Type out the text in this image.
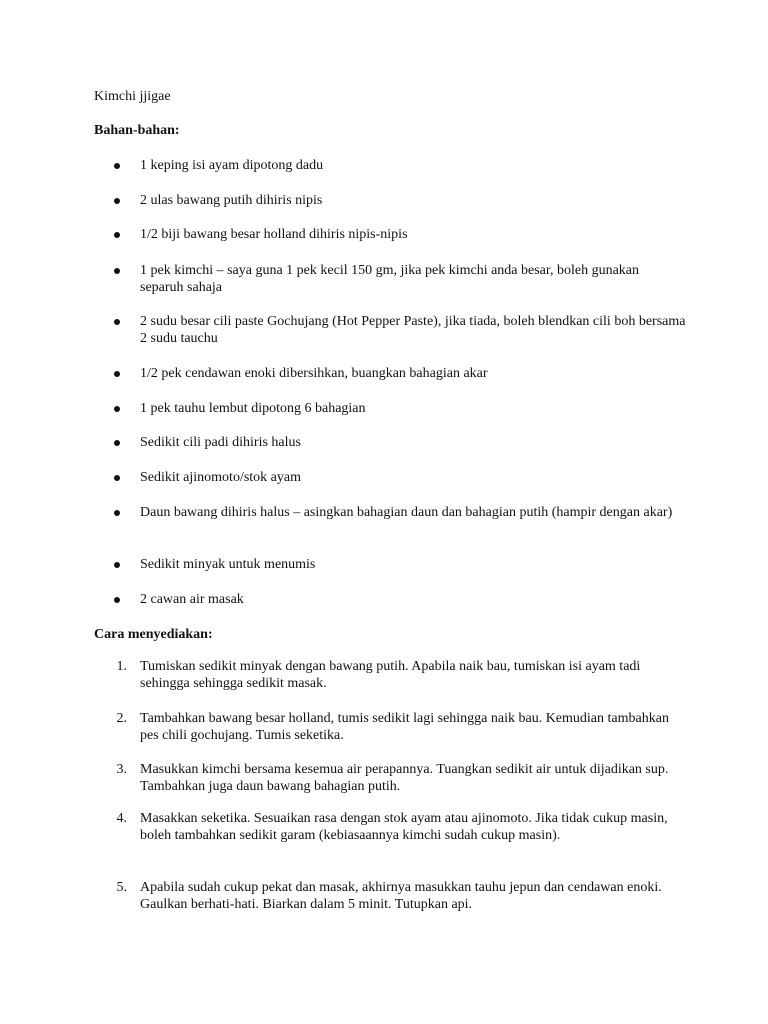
Kimchi jjigae

Bahan-bahan:

1 keping isi ayam dipotong dadu

2 ulas bawang putih dihiris nipis

1/2 biji bawang besar holland dihiris nipis-nipis

1 pek kimchi – saya guna 1 pek kecil 150 gm, jika pek kimchi anda besar, boleh gunakan separuh sahaja

2 sudu besar cili paste Gochujang (Hot Pepper Paste), jika tiada, boleh blendkan cili boh bersama 2 sudu tauchu

1/2 pek cendawan enoki dibersihkan, buangkan bahagian akar

1 pek tauhu lembut dipotong 6 bahagian

Sedikit cili padi dihiris halus

Sedikit ajinomoto/stok ayam

Daun bawang dihiris halus – asingkan bahagian daun dan bahagian putih (hampir dengan akar)

Sedikit minyak untuk menumis

2 cawan air masak

Cara menyediakan:

1. Tumiskan sedikit minyak dengan bawang putih. Apabila naik bau, tumiskan isi ayam tadi sehingga sehingga sedikit masak.

2. Tambahkan bawang besar holland, tumis sedikit lagi sehingga naik bau. Kemudian tambahkan pes chili gochujang. Tumis seketika.

3. Masukkan kimchi bersama kesemua air perapannya. Tuangkan sedikit air untuk dijadikan sup. Tambahkan juga daun bawang bahagian putih.

4. Masakkan seketika. Sesuaikan rasa dengan stok ayam atau ajinomoto. Jika tidak cukup masin, boleh tambahkan sedikit garam (kebiasaannya kimchi sudah cukup masin).

5. Apabila sudah cukup pekat dan masak, akhirnya masukkan tauhu jepun dan cendawan enoki. Gaulkan berhati-hati. Biarkan dalam 5 minit. Tutupkan api.
